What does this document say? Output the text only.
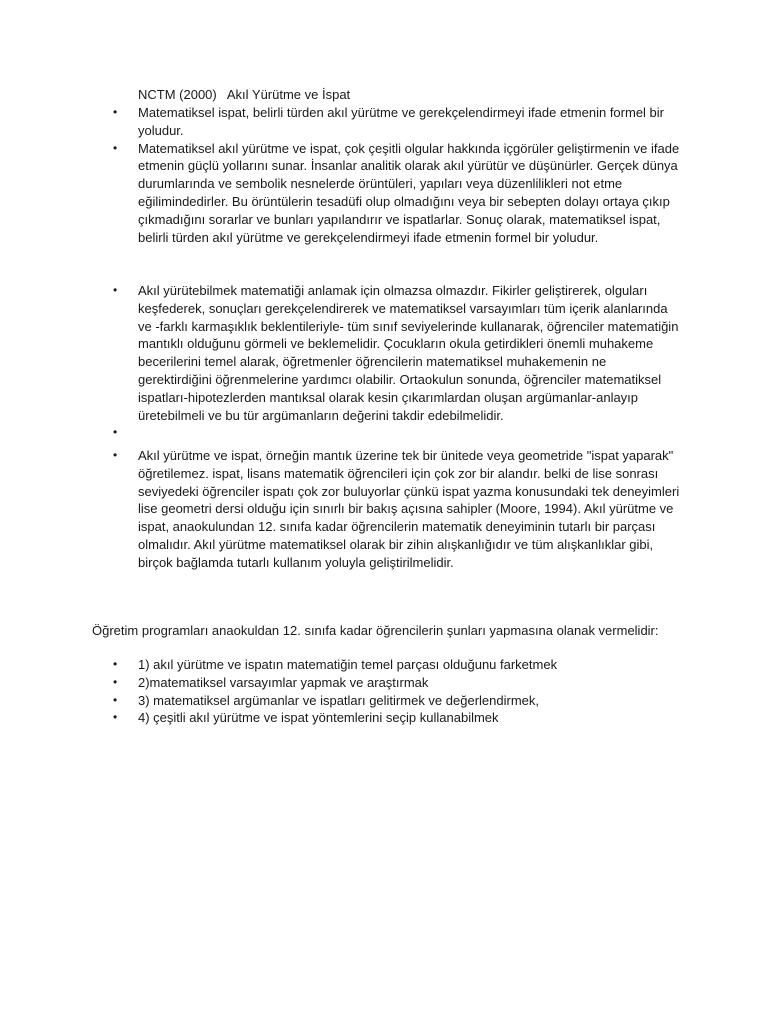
NCTM (2000)   Akıl Yürütme ve İspat
• Matematiksel ispat, belirli türden akıl yürütme ve gerekçelendirmeyi ifade etmenin formel bir yoludur.
• Matematiksel akıl yürütme ve ispat, çok çeşitli olgular hakkında içgörüler geliştirmenin ve ifade etmenin güçlü yollarını sunar. İnsanlar analitik olarak akıl yürütür ve düşünürler. Gerçek dünya durumlarında ve sembolik nesnelerde örüntüleri, yapıları veya düzenlilikleri not etme eğilimindedirler. Bu örüntülerin tesadüfi olup olmadığını veya bir sebepten dolayı ortaya çıkıp çıkmadığını sorarlar ve bunları yapılandırır ve ispatlarlar. Sonuç olarak, matematiksel ispat, belirli türden akıl yürütme ve gerekçelendirmeyi ifade etmenin formel bir yoludur.
• Akıl yürütebilmek matematiği anlamak için olmazsa olmazdır. Fikirler geliştirerek, olguları keşfederek, sonuçları gerekçelendirerek ve matematiksel varsayımları tüm içerik alanlarında ve -farklı karmaşıklık beklentileriyle- tüm sınıf seviyelerinde kullanarak, öğrenciler matematiğin mantıklı olduğunu görmeli ve beklemelidir. Çocukların okula getirdikleri önemli muhakeme becerilerini temel alarak, öğretmenler öğrencilerin matematiksel muhakemenin ne gerektirdiğini öğrenmelerine yardımcı olabilir. Ortaokulun sonunda, öğrenciler matematiksel ispatları-hipotezlerden mantıksal olarak kesin çıkarımlardan oluşan argümanlar-anlayıp üretebilmeli ve bu tür argümanların değerini takdir edebilmelidir.
•
• Akıl yürütme ve ispat, örneğin mantık üzerine tek bir ünitede veya geometride "ispat yaparak" öğretilemez. ispat, lisans matematik öğrencileri için çok zor bir alandır. belki de lise sonrası seviyedeki öğrenciler ispatı çok zor buluyorlar çünkü ispat yazma konusundaki tek deneyimleri lise geometri dersi olduğu için sınırlı bir bakış açısına sahipler (Moore, 1994). Akıl yürütme ve ispat, anaokulundan 12. sınıfa kadar öğrencilerin matematik deneyiminin tutarlı bir parçası olmalıdır. Akıl yürütme matematiksel olarak bir zihin alışkanlığıdır ve tüm alışkanlıklar gibi, birçok bağlamda tutarlı kullanım yoluyla geliştirilmelidir.

Öğretim programları anaokuldan 12. sınıfa kadar öğrencilerin şunları yapmasına olanak vermelidir:

• 1) akıl yürütme ve ispatın matematiğin temel parçası olduğunu farketmek
• 2)matematiksel varsayımlar yapmak ve araştırmak
• 3) matematiksel argümanlar ve ispatları gelitirmek ve değerlendirmek,
• 4) çeşitli akıl yürütme ve ispat yöntemlerini seçip kullanabilmek
